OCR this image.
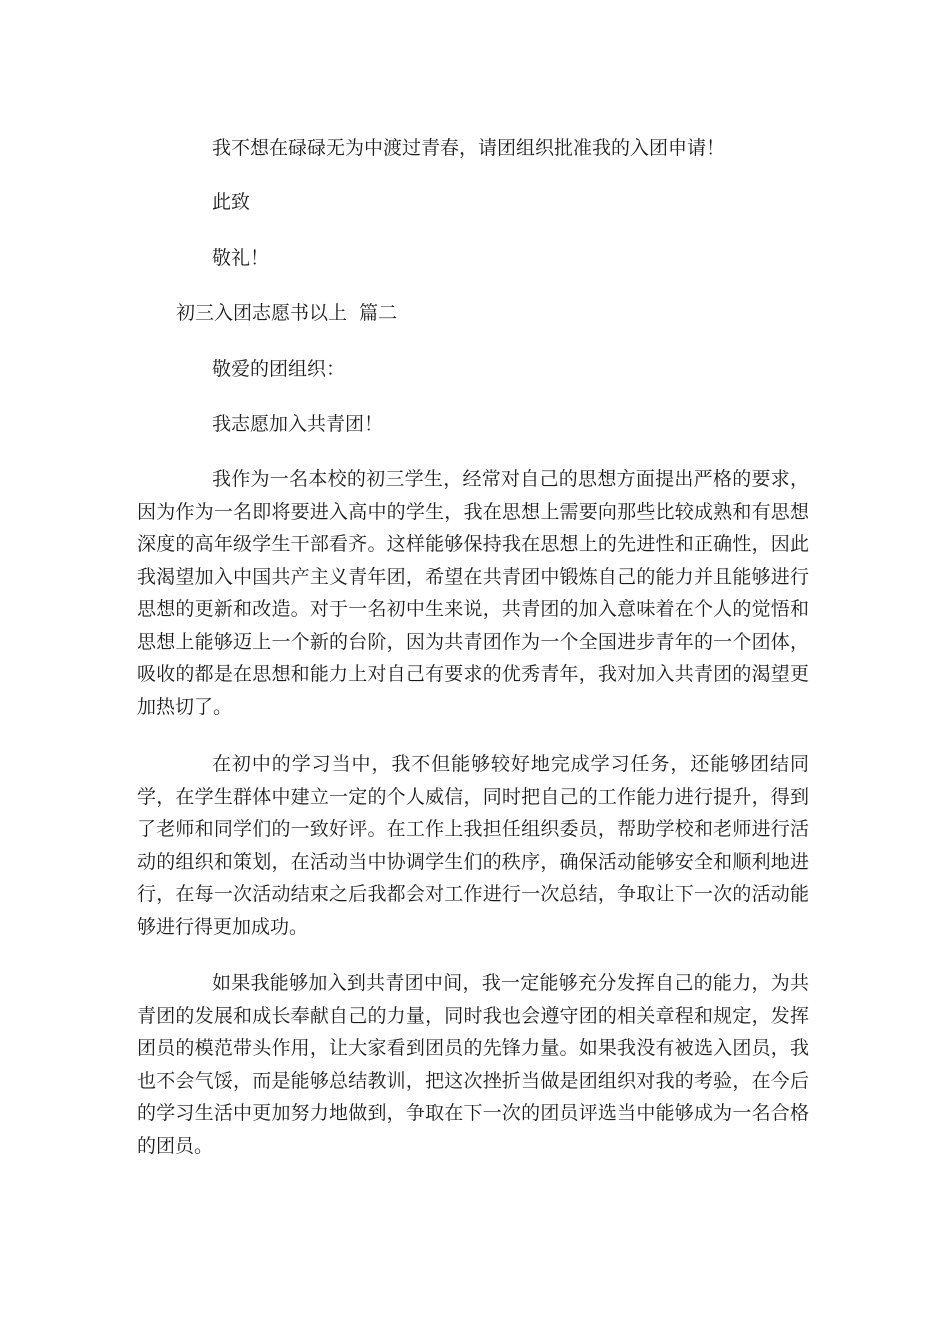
我不想在碌碌无为中渡过青春，请团组织批准我的入团申请！
此致
敬礼！
初三入团志愿书以上  篇二
敬爱的团组织：
我志愿加入共青团！

我作为一名本校的初三学生，经常对自己的思想方面提出严格的要求，因为作为一名即将要进入高中的学生，我在思想上需要向那些比较成熟和有思想深度的高年级学生干部看齐。这样能够保持我在思想上的先进性和正确性，因此我渴望加入中国共产主义青年团，希望在共青团中锻炼自己的能力并且能够进行思想的更新和改造。对于一名初中生来说，共青团的加入意味着在个人的觉悟和思想上能够迈上一个新的台阶，因为共青团作为一个全国进步青年的一个团体，吸收的都是在思想和能力上对自己有要求的优秀青年，我对加入共青团的渴望更加热切了。

在初中的学习当中，我不但能够较好地完成学习任务，还能够团结同学，在学生群体中建立一定的个人威信，同时把自己的工作能力进行提升，得到了老师和同学们的一致好评。在工作上我担任组织委员，帮助学校和老师进行活动的组织和策划，在活动当中协调学生们的秩序，确保活动能够安全和顺利地进行，在每一次活动结束之后我都会对工作进行一次总结，争取让下一次的活动能够进行得更加成功。

如果我能够加入到共青团中间，我一定能够充分发挥自己的能力，为共青团的发展和成长奉献自己的力量，同时我也会遵守团的相关章程和规定，发挥团员的模范带头作用，让大家看到团员的先锋力量。如果我没有被选入团员，我也不会气馁，而是能够总结教训，把这次挫折当做是团组织对我的考验，在今后的学习生活中更加努力地做到，争取在下一次的团员评选当中能够成为一名合格的团员。
